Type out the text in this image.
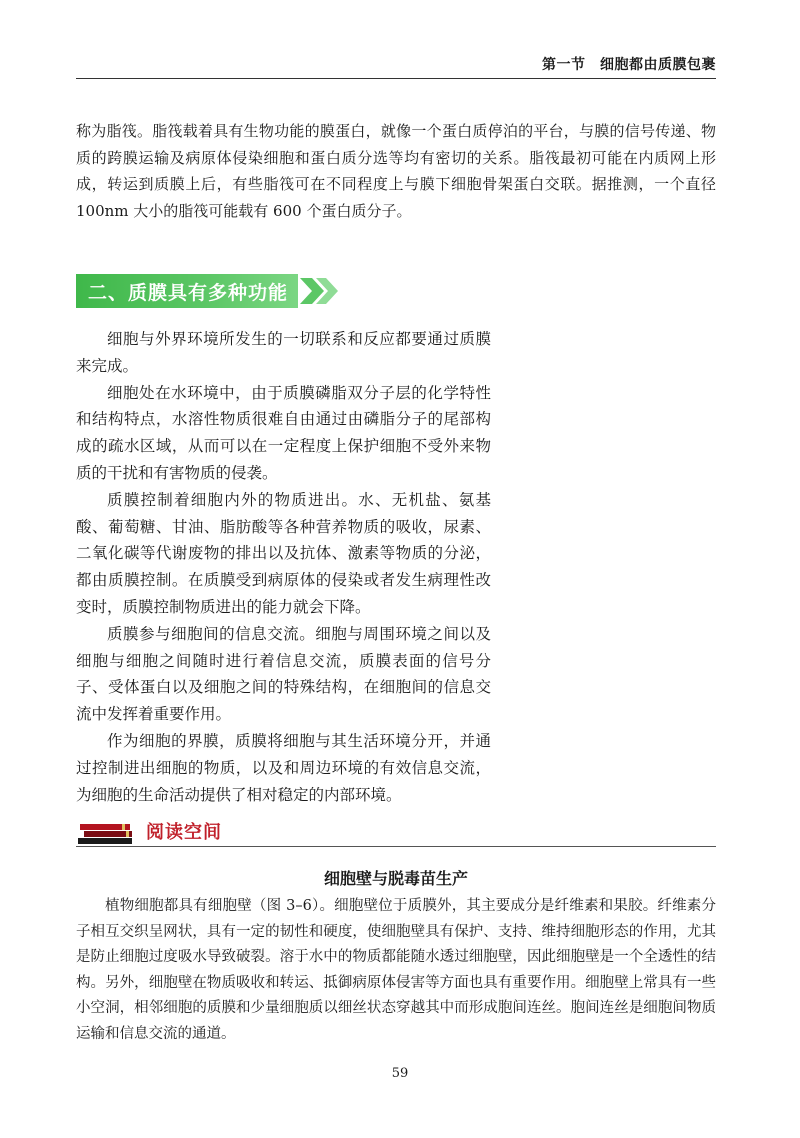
第一节　细胞都由质膜包裹

称为脂筏。脂筏载着具有生物功能的膜蛋白，就像一个蛋白质停泊的平台，与膜的信号传递、物质的跨膜运输及病原体侵染细胞和蛋白质分选等均有密切的关系。脂筏最初可能在内质网上形成，转运到质膜上后，有些脂筏可在不同程度上与膜下细胞骨架蛋白交联。据推测，一个直径 100nm 大小的脂筏可能载有 600 个蛋白质分子。

二、质膜具有多种功能

细胞与外界环境所发生的一切联系和反应都要通过质膜来完成。

细胞处在水环境中，由于质膜磷脂双分子层的化学特性和结构特点，水溶性物质很难自由通过由磷脂分子的尾部构成的疏水区域，从而可以在一定程度上保护细胞不受外来物质的干扰和有害物质的侵袭。

质膜控制着细胞内外的物质进出。水、无机盐、氨基酸、葡萄糖、甘油、脂肪酸等各种营养物质的吸收，尿素、二氧化碳等代谢废物的排出以及抗体、激素等物质的分泌，都由质膜控制。在质膜受到病原体的侵染或者发生病理性改变时，质膜控制物质进出的能力就会下降。

质膜参与细胞间的信息交流。细胞与周围环境之间以及细胞与细胞之间随时进行着信息交流，质膜表面的信号分子、受体蛋白以及细胞之间的特殊结构，在细胞间的信息交流中发挥着重要作用。

作为细胞的界膜，质膜将细胞与其生活环境分开，并通过控制进出细胞的物质，以及和周边环境的有效信息交流，为细胞的生命活动提供了相对稳定的内部环境。

阅读空间
细胞壁与脱毒苗生产

植物细胞都具有细胞壁（图 3–6）。细胞壁位于质膜外，其主要成分是纤维素和果胶。纤维素分子相互交织呈网状，具有一定的韧性和硬度，使细胞壁具有保护、支持、维持细胞形态的作用，尤其是防止细胞过度吸水导致破裂。溶于水中的物质都能随水透过细胞壁，因此细胞壁是一个全透性的结构。另外，细胞壁在物质吸收和转运、抵御病原体侵害等方面也具有重要作用。细胞壁上常具有一些小空洞，相邻细胞的质膜和少量细胞质以细丝状态穿越其中而形成胞间连丝。胞间连丝是细胞间物质运输和信息交流的通道。

59
